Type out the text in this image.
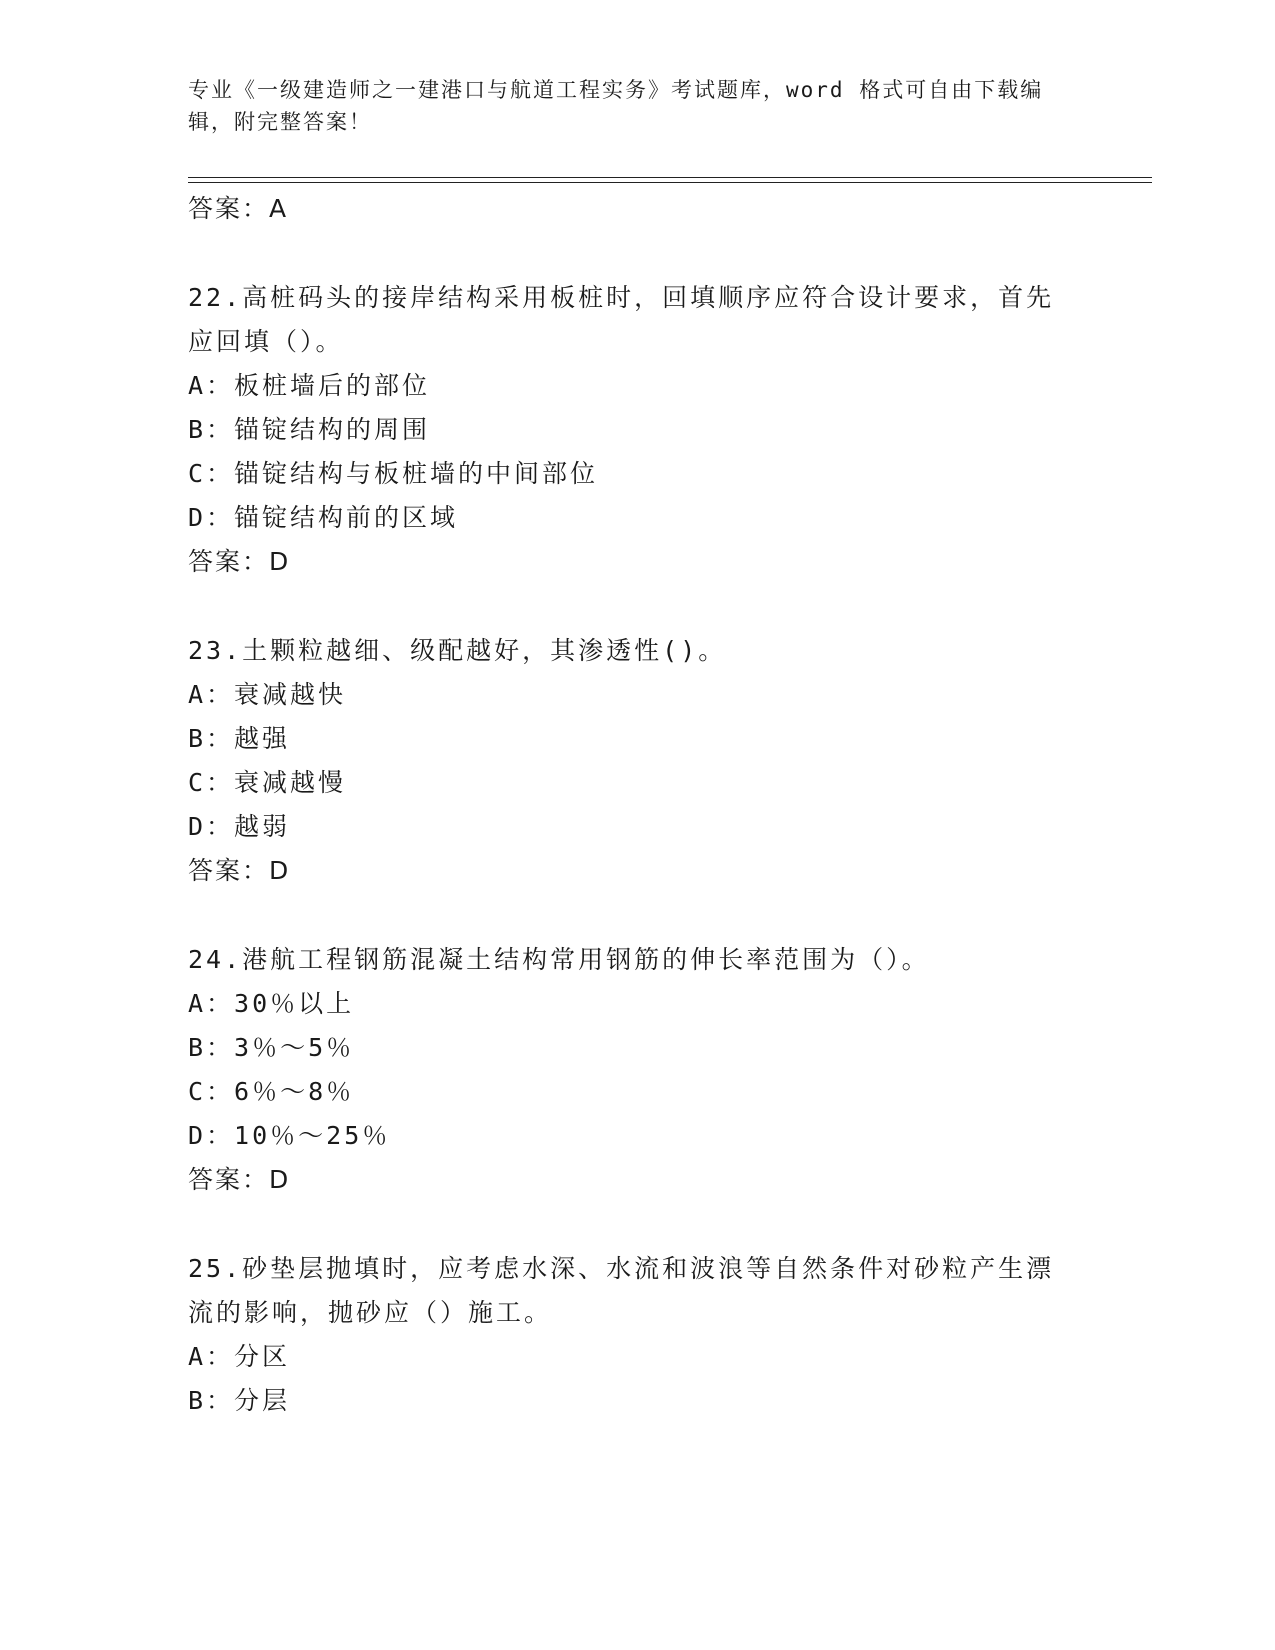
专业《一级建造师之一建港口与航道工程实务》考试题库，word 格式可自由下载编辑，附完整答案！
答案：A
22.高桩码头的接岸结构采用板桩时，回填顺序应符合设计要求，首先
应回填（）。
A：板桩墙后的部位
B：锚锭结构的周围
C：锚锭结构与板桩墙的中间部位
D：锚锭结构前的区域
答案：D
23.土颗粒越细、级配越好，其渗透性()。
A：衰减越快
B：越强
C：衰减越慢
D：越弱
答案：D
24.港航工程钢筋混凝土结构常用钢筋的伸长率范围为（）。
A：30％以上
B：3％～5％
C：6％～8％
D：10％～25％
答案：D
25.砂垫层抛填时，应考虑水深、水流和波浪等自然条件对砂粒产生漂
流的影响，抛砂应（）施工。
A：分区
B：分层
